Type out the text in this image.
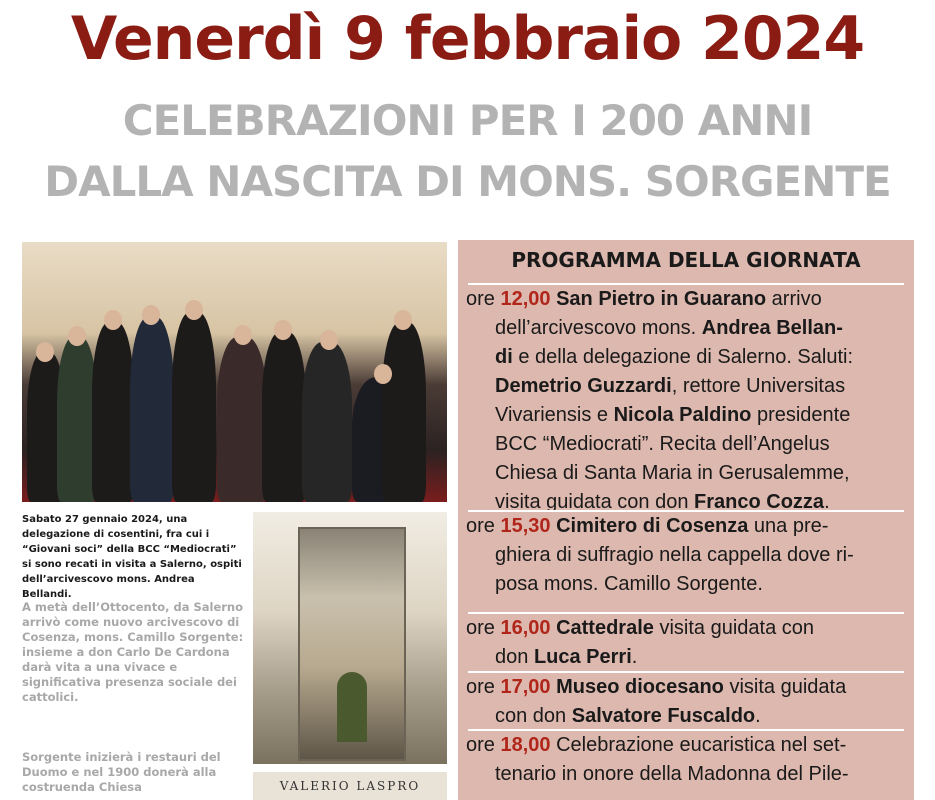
Venerdì 9 febbraio 2024
CELEBRAZIONI PER I 200 ANNI
DALLA NASCITA DI MONS. SORGENTE

Sabato 27 gennaio 2024, una delegazione di cosentini, fra cui i “Giovani soci” della BCC “Mediocrati” si sono recati in visita a Salerno, ospiti dell’arcivescovo mons. Andrea Bellandi.

A metà dell’Ottocento, da Salerno arrivò come nuovo arcivescovo di Cosenza, mons. Camillo Sorgente: insieme a don Carlo De Cardona darà vita a una vivace e significativa presenza sociale dei cattolici.

Sorgente inizierà i restauri del Duomo e nel 1900 donerà alla costruenda Chiesa	VALERIO LASPRO
PROGRAMMA DELLA GIORNATA
ore 12,00 San Pietro in Guarano arrivo
dell’arcivescovo mons. Andrea Bellan-
di e della delegazione di Salerno. Saluti:
Demetrio Guzzardi, rettore Universitas
Vivariensis e Nicola Paldino presidente
BCC “Mediocrati”. Recita dell’Angelus
Chiesa di Santa Maria in Gerusalemme,
visita guidata con don Franco Cozza.
ore 15,30 Cimitero di Cosenza una pre-
ghiera di suffragio nella cappella dove ri-
posa mons. Camillo Sorgente.
ore 16,00 Cattedrale visita guidata con
don Luca Perri.
ore 17,00 Museo diocesano visita guidata
con don Salvatore Fuscaldo.
ore 18,00 Celebrazione eucaristica nel set-
tenario in onore della Madonna del Pile-
